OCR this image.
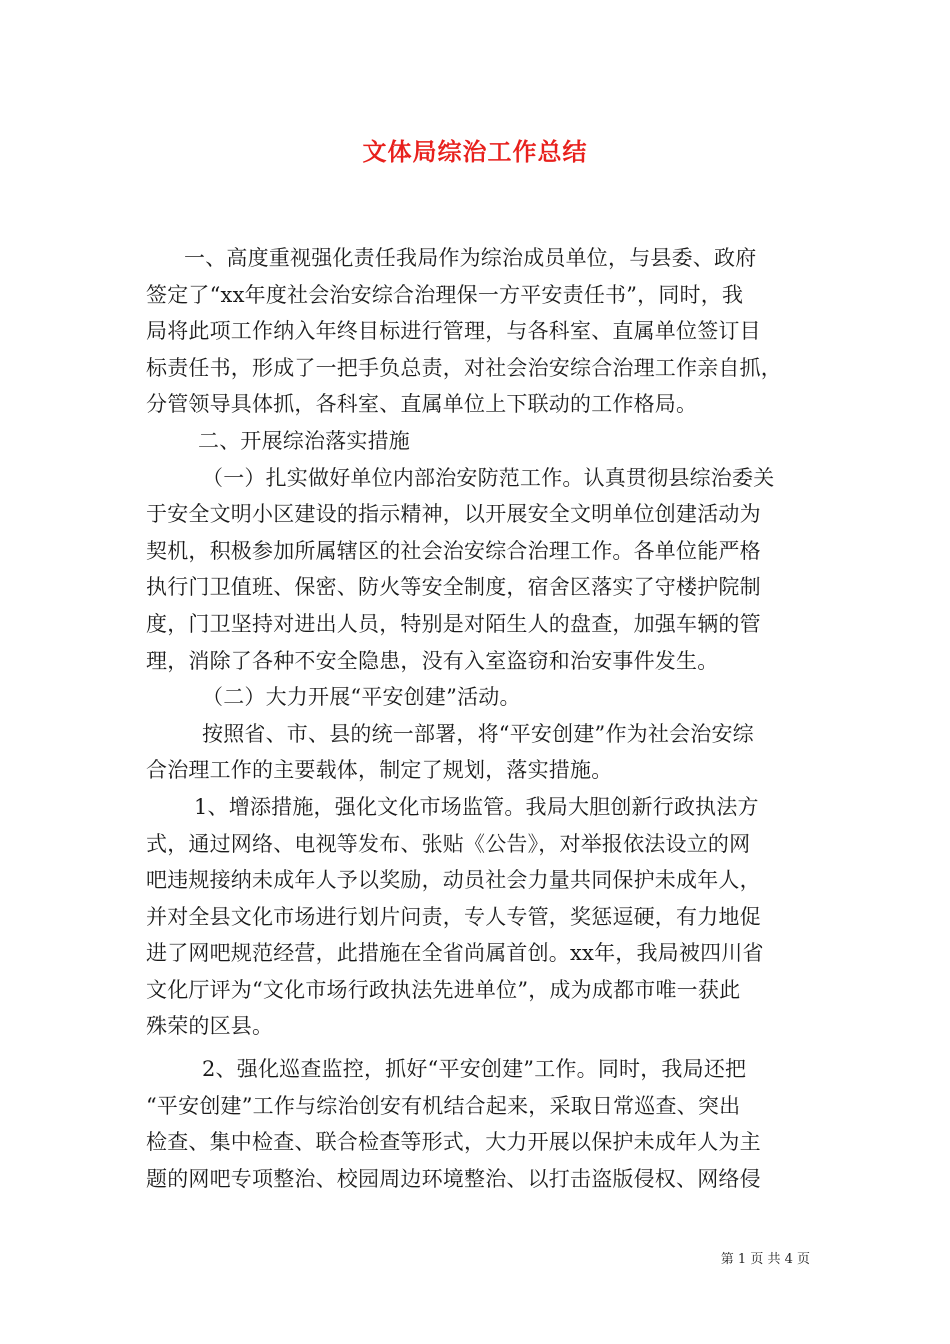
文体局综治工作总结
一、高度重视强化责任我局作为综治成员单位，与县委、政府
签定了“xx年度社会治安综合治理保一方平安责任书”，同时，我
局将此项工作纳入年终目标进行管理，与各科室、直属单位签订目
标责任书，形成了一把手负总责，对社会治安综合治理工作亲自抓，
分管领导具体抓，各科室、直属单位上下联动的工作格局。
二、开展综治落实措施
（一）扎实做好单位内部治安防范工作。认真贯彻县综治委关
于安全文明小区建设的指示精神，以开展安全文明单位创建活动为
契机，积极参加所属辖区的社会治安综合治理工作。各单位能严格
执行门卫值班、保密、防火等安全制度，宿舍区落实了守楼护院制
度，门卫坚持对进出人员，特别是对陌生人的盘查，加强车辆的管
理，消除了各种不安全隐患，没有入室盗窃和治安事件发生。
（二）大力开展“平安创建”活动。
按照省、市、县的统一部署，将“平安创建”作为社会治安综
合治理工作的主要载体，制定了规划，落实措施。
1、增添措施，强化文化市场监管。我局大胆创新行政执法方
式，通过网络、电视等发布、张贴《公告》，对举报依法设立的网
吧违规接纳未成年人予以奖励，动员社会力量共同保护未成年人，
并对全县文化市场进行划片问责，专人专管，奖惩逗硬，有力地促
进了网吧规范经营，此措施在全省尚属首创。xx年，我局被四川省
文化厅评为“文化市场行政执法先进单位”，成为成都市唯一获此
殊荣的区县。
2、强化巡查监控，抓好“平安创建”工作。同时，我局还把
“平安创建”工作与综治创安有机结合起来，采取日常巡查、突出
检查、集中检查、联合检查等形式，大力开展以保护未成年人为主
题的网吧专项整治、校园周边环境整治、以打击盗版侵权、网络侵
第 1 页 共 4 页
